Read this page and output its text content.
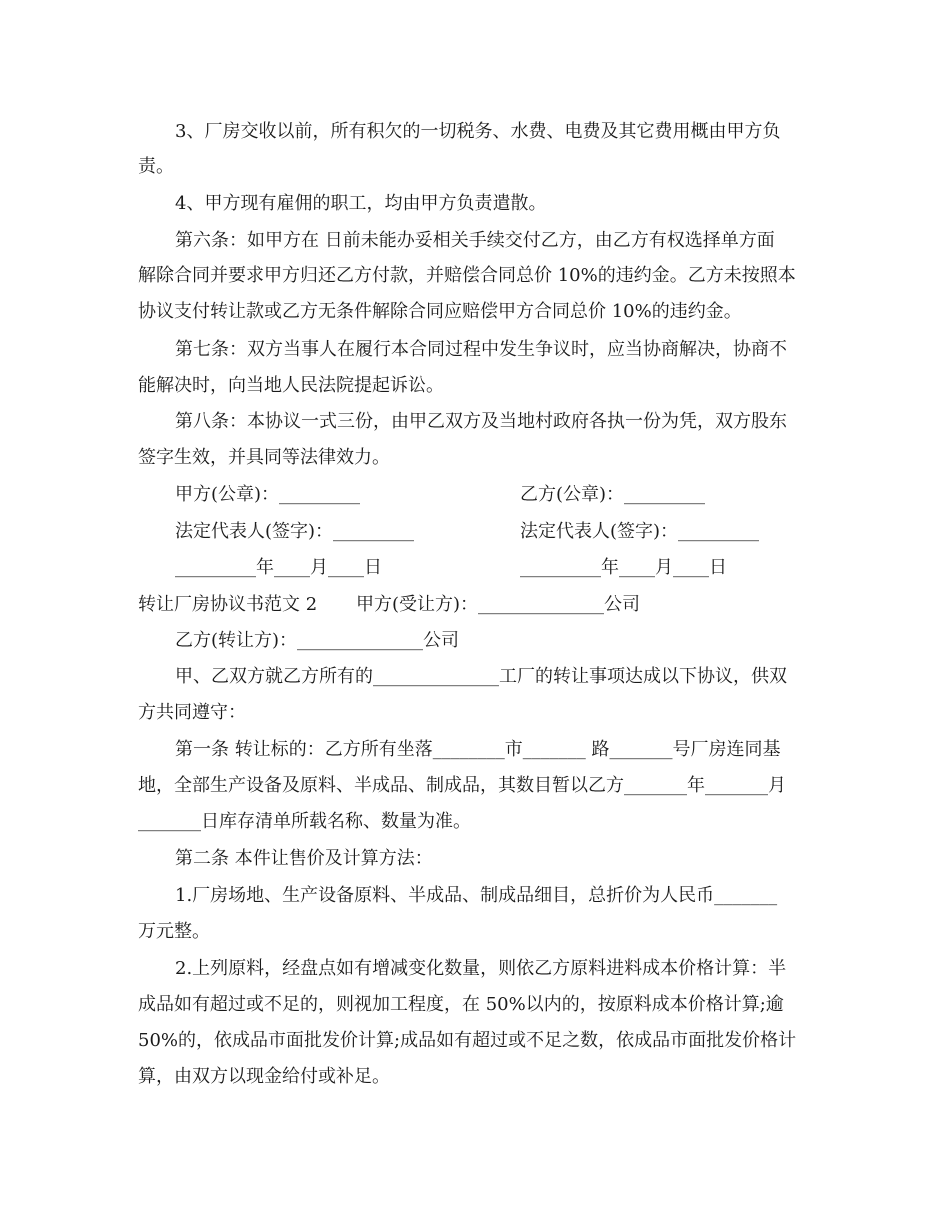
3、厂房交收以前，所有积欠的一切税务、水费、电费及其它费用概由甲方负

责。

4、甲方现有雇佣的职工，均由甲方负责遣散。

第六条：如甲方在 日前未能办妥相关手续交付乙方，由乙方有权选择单方面

解除合同并要求甲方归还乙方付款，并赔偿合同总价 10%的违约金。乙方未按照本

协议支付转让款或乙方无条件解除合同应赔偿甲方合同总价 10%的违约金。

第七条：双方当事人在履行本合同过程中发生争议时，应当协商解决，协商不

能解决时，向当地人民法院提起诉讼。

第八条：本协议一式三份，由甲乙双方及当地村政府各执一份为凭，双方股东

签字生效，并具同等法律效力。

甲方(公章)：_________	乙方(公章)：_________

法定代表人(签字)：_________	法定代表人(签字)：_________

_________年____月____日	_________年____月____日

转让厂房协议书范文 2 甲方(受让方)：______________公司

乙方(转让方)：______________公司

甲、乙双方就乙方所有的______________工厂的转让事项达成以下协议，供双

方共同遵守：

第一条 转让标的：乙方所有坐落________市_______ 路_______号厂房连同基

地，全部生产设备及原料、半成品、制成品，其数目暂以乙方_______年_______月

_______日库存清单所载名称、数量为准。

第二条 本件让售价及计算方法：

1.厂房场地、生产设备原料、半成品、制成品细目，总折价为人民币_______

万元整。

2.上列原料，经盘点如有增减变化数量，则依乙方原料进料成本价格计算：半

成品如有超过或不足的，则视加工程度，在 50%以内的，按原料成本价格计算;逾

50%的，依成品市面批发价计算;成品如有超过或不足之数，依成品市面批发价格计

算，由双方以现金给付或补足。
